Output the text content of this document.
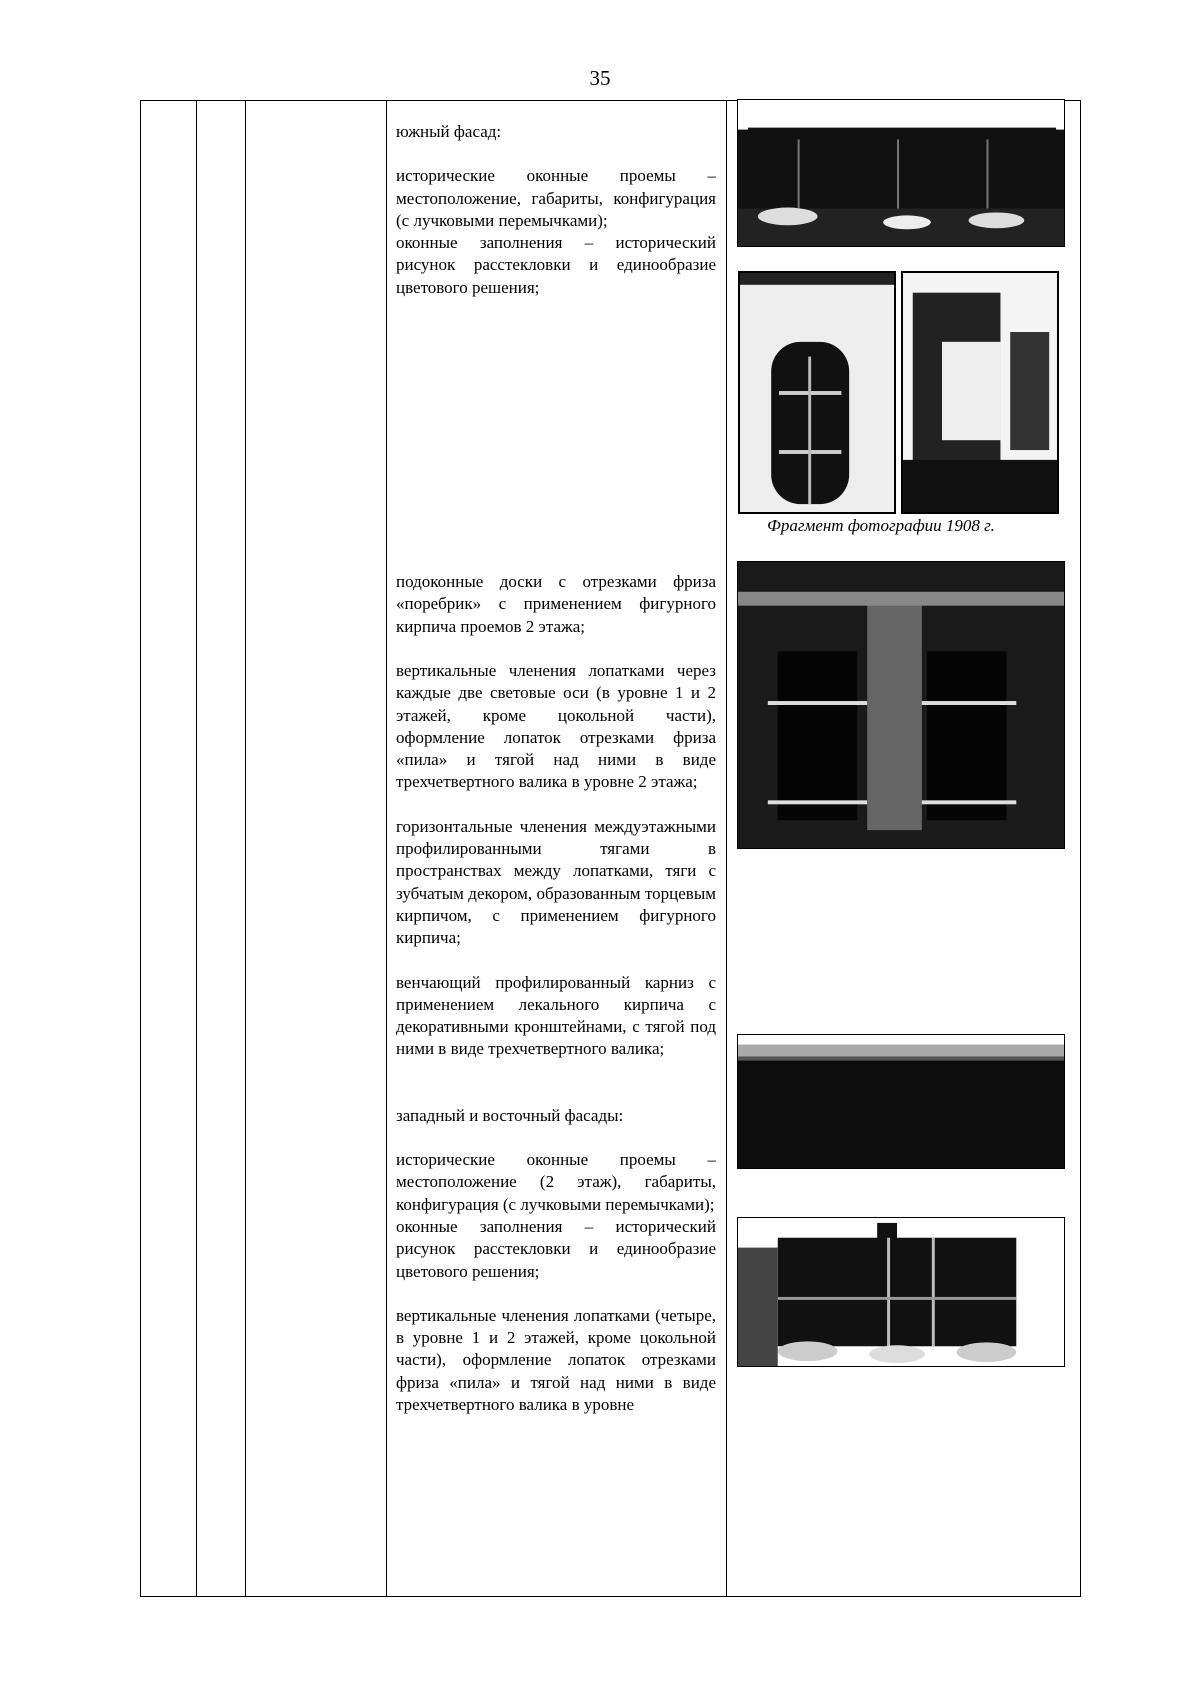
35

южный фасад:

исторические оконные проемы – местоположение, габариты, конфигурация (с лучковыми перемычками);

оконные заполнения – исторический рисунок расстекловки и единообразие цветового решения;

подоконные доски с отрезками фриза «поребрик» с применением фигурного кирпича проемов 2 этажа;

вертикальные членения лопатками через каждые две световые оси (в уровне 1 и 2 этажей, кроме цокольной части), оформление лопаток отрезками фриза «пила» и тягой над ними в виде трехчетвертного валика в уровне 2 этажа;

горизонтальные членения междуэтажными профилированными тягами в пространствах между лопатками, тяги с зубчатым декором, образованным торцевым кирпичом, с применением фигурного кирпича;

венчающий профилированный карниз с применением лекального кирпича с декоративными кронштейнами, с тягой под ними в виде трехчетвертного валика;

западный и восточный фасады:

исторические оконные проемы – местоположение (2 этаж), габариты, конфигурация (с лучковыми перемычками);

оконные заполнения – исторический рисунок расстекловки и единообразие цветового решения;

вертикальные членения лопатками (четыре, в уровне 1 и 2 этажей, кроме цокольной части), оформление лопаток отрезками фриза «пила» и тягой над ними в виде трехчетвертного валика в уровне

Фрагмент фотографии 1908 г.
